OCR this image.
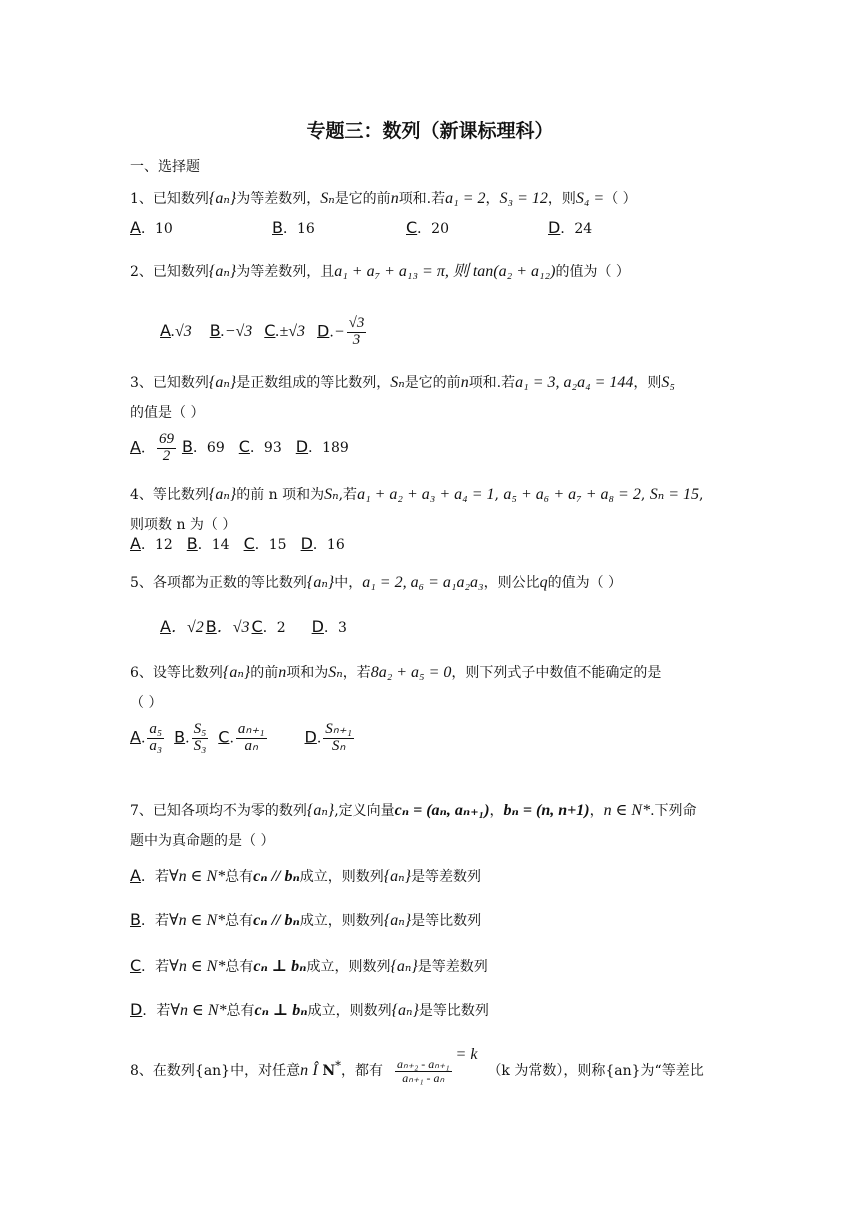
专题三：数列（新课标理科）
一、选择题
1、已知数列{aₙ}为等差数列，Sₙ是它的前n项和.若a₁ = 2，S₃ = 12，则S₄ =（ ）
A．10	B．16	C．20	D．24
2、已知数列{aₙ}为等差数列，且a₁ + a₇ + a₁₃ = π, 则 tan(a₂ + a₁₂)的值为（ ）
A.√3 B.−√3 C.±√3 $D.- \frac{√3}{3}$
3、已知数列{aₙ}是正数组成的等比数列，Sₙ是它的前n项和.若a₁ = 3, a₂a₄ = 144，则S₅
的值是（ ）
A． $\frac{69}{2}$ B．69 C．93 D．189
4、等比数列{aₙ}的前 n 项和为Sₙ,若a₁ + a₂ + a₃ + a₄ = 1, a₅ + a₆ + a₇ + a₈ = 2, Sₙ = 15,
则项数 n 为（ ）
A．12 B．14 C．15 D．16
5、各项都为正数的等比数列{aₙ}中，a₁ = 2, a₆ = a₁a₂a₃，则公比q的值为（ ）
A．√2 B．√3 C．2 D．3
6、设等比数列{aₙ}的前n项和为Sₙ，若8a₂ + a₅ = 0，则下列式子中数值不能确定的是
（ ）
A. $\frac{\text{a₅}}{\text{a₃}} B$. $\frac{\text{S₅}}{\text{S₃}} C$. $\frac{\text{aₙ₊₁}}{\text{aₙ}} D$. $\frac{\text{Sₙ₊₁}}{\text{Sₙ}}$
7、已知各项均不为零的数列{aₙ},定义向量cₙ = (aₙ, aₙ₊₁)，bₙ = (n, n+1)，n ∈ N*.下列命
题中为真命题的是（ ）
A．若∀n ∈ N*总有cₙ // bₙ成立，则数列{aₙ}是等差数列
B．若∀n ∈ N*总有cₙ // bₙ成立，则数列{aₙ}是等比数列
C．若∀n ∈ N*总有cₙ ⊥ bₙ成立，则数列{aₙ}是等差数列
D．若∀n ∈ N*总有cₙ ⊥ bₙ成立，则数列{aₙ}是等比数列
8、在数列{an}中，对任意n Î N*，都有 $\frac{\text{aₙ₊₂ - aₙ₊₁}}{\text{aₙ₊₁ - aₙ}}$
= k（k 为常数），则称{an}为“等差比
